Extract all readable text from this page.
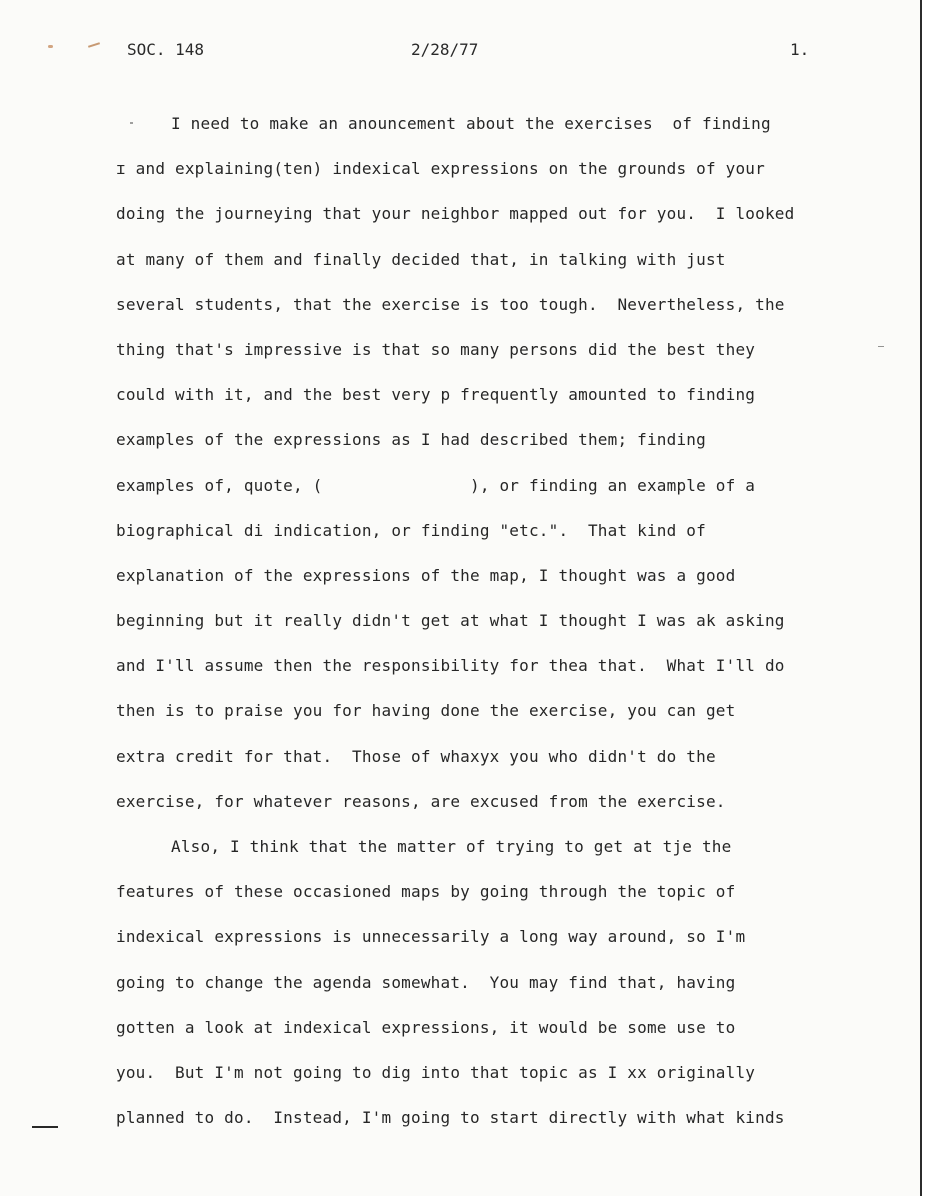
SOC. 148	2/28/77	1.
I need to make an anouncement about the exercises  of finding
ɪ and explaining(ten) indexical expressions on the grounds of your
doing the journeying that your neighbor mapped out for you.  I looked
at many of them and finally decided that, in talking with just
several students, that the exercise is too tough.  Nevertheless, the
thing that's impressive is that so many persons did the best they
could with it, and the best very p frequently amounted to finding
examples of the expressions as I had described them; finding
examples of, quote, (               ), or finding an example of a
biographical di indication, or finding "etc.".  That kind of
explanation of the expressions of the map, I thought was a good
beginning but it really didn't get at what I thought I was ak asking
and I'll assume then the responsibility for thea that.  What I'll do
then is to praise you for having done the exercise, you can get
extra credit for that.  Those of whaxyx you who didn't do the
exercise, for whatever reasons, are excused from the exercise.
Also, I think that the matter of trying to get at tje the
features of these occasioned maps by going through the topic of
indexical expressions is unnecessarily a long way around, so I'm
going to change the agenda somewhat.  You may find that, having
gotten a look at indexical expressions, it would be some use to
you.  But I'm not going to dig into that topic as I xx originally
planned to do.  Instead, I'm going to start directly with what kinds
